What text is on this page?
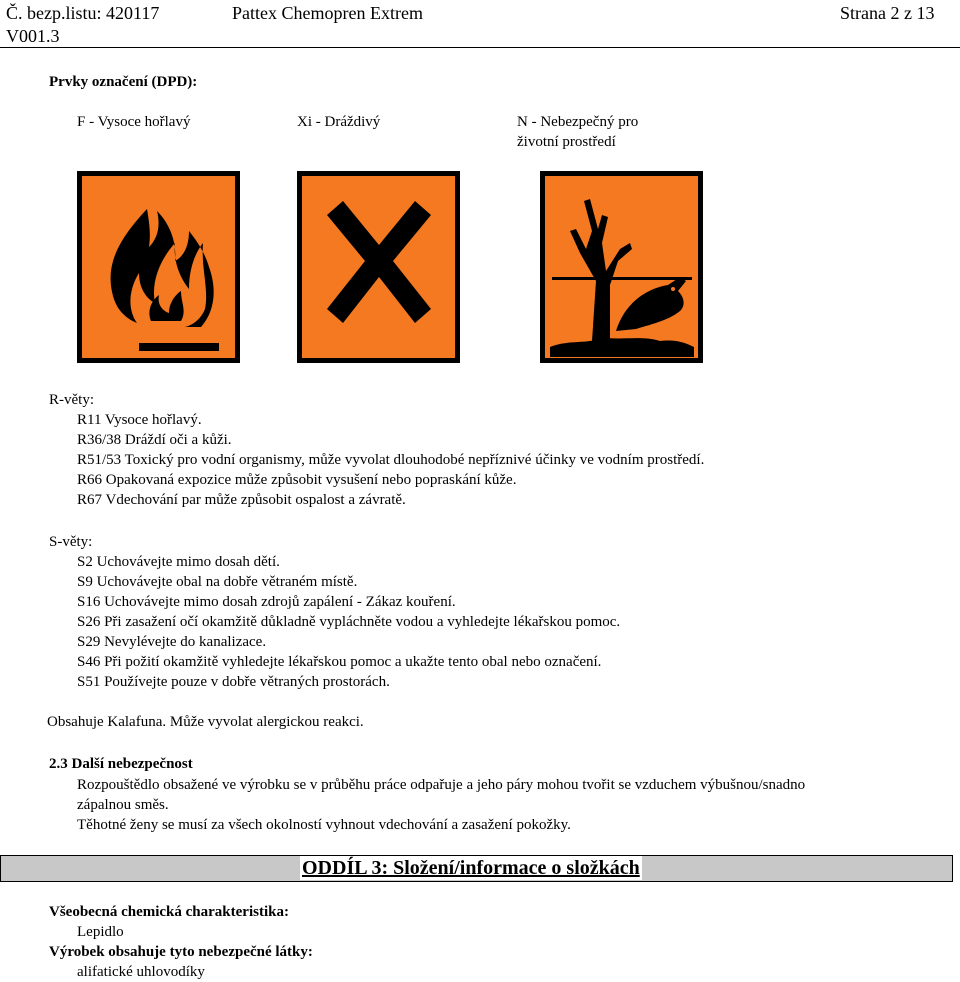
Č. bezp.listu: 420117
V001.3
Pattex Chemopren Extrem	Strana 2 z 13
Prvky označení (DPD):
F - Vysoce hořlavý	Xi - Dráždivý	N - Nebezpečný pro
životní prostředí
R-věty:
R11 Vysoce hořlavý.
R36/38 Dráždí oči a kůži.
R51/53 Toxický pro vodní organismy, může vyvolat dlouhodobé nepříznivé účinky ve vodním prostředí.
R66 Opakovaná expozice může způsobit vysušení nebo popraskání kůže.
R67 Vdechování par může způsobit ospalost a závratě.
S-věty:
S2 Uchovávejte mimo dosah dětí.
S9 Uchovávejte obal na dobře větraném místě.
S16 Uchovávejte mimo dosah zdrojů zapálení - Zákaz kouření.
S26 Při zasažení očí okamžitě důkladně vypláchněte vodou a vyhledejte lékařskou pomoc.
S29 Nevylévejte do kanalizace.
S46 Při požití okamžitě vyhledejte lékařskou pomoc a ukažte tento obal nebo označení.
S51 Používejte pouze v dobře větraných prostorách.
Obsahuje Kalafuna. Může vyvolat alergickou reakci.
2.3 Další nebezpečnost
Rozpouštědlo obsažené ve výrobku se v průběhu práce odpařuje a jeho páry mohou tvořit se vzduchem výbušnou/snadno
zápalnou směs.
Těhotné ženy se musí za všech okolností vyhnout vdechování a zasažení pokožky.
ODDÍL 3: Složení/informace o složkách
Všeobecná chemická charakteristika:
Lepidlo
Výrobek obsahuje tyto nebezpečné látky:
alifatické uhlovodíky
